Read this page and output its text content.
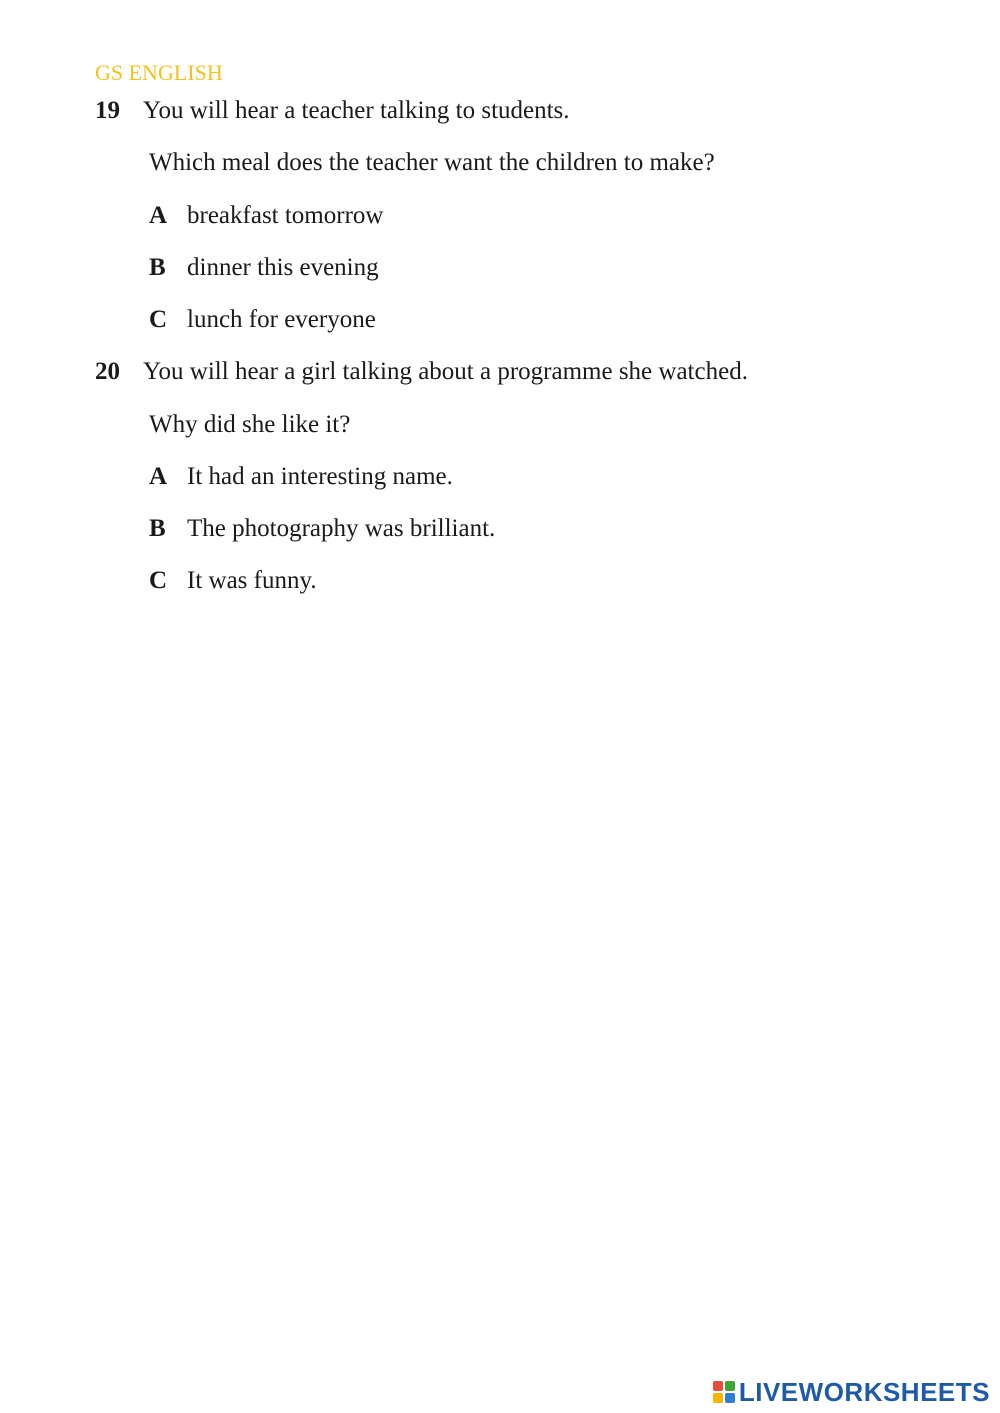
GS ENGLISH
19 You will hear a teacher talking to students.
Which meal does the teacher want the children to make?
A breakfast tomorrow
B dinner this evening
C lunch for everyone
20 You will hear a girl talking about a programme she watched.
Why did she like it?
A It had an interesting name.
B The photography was brilliant.
C It was funny.
LIVEWORKSHEETS
